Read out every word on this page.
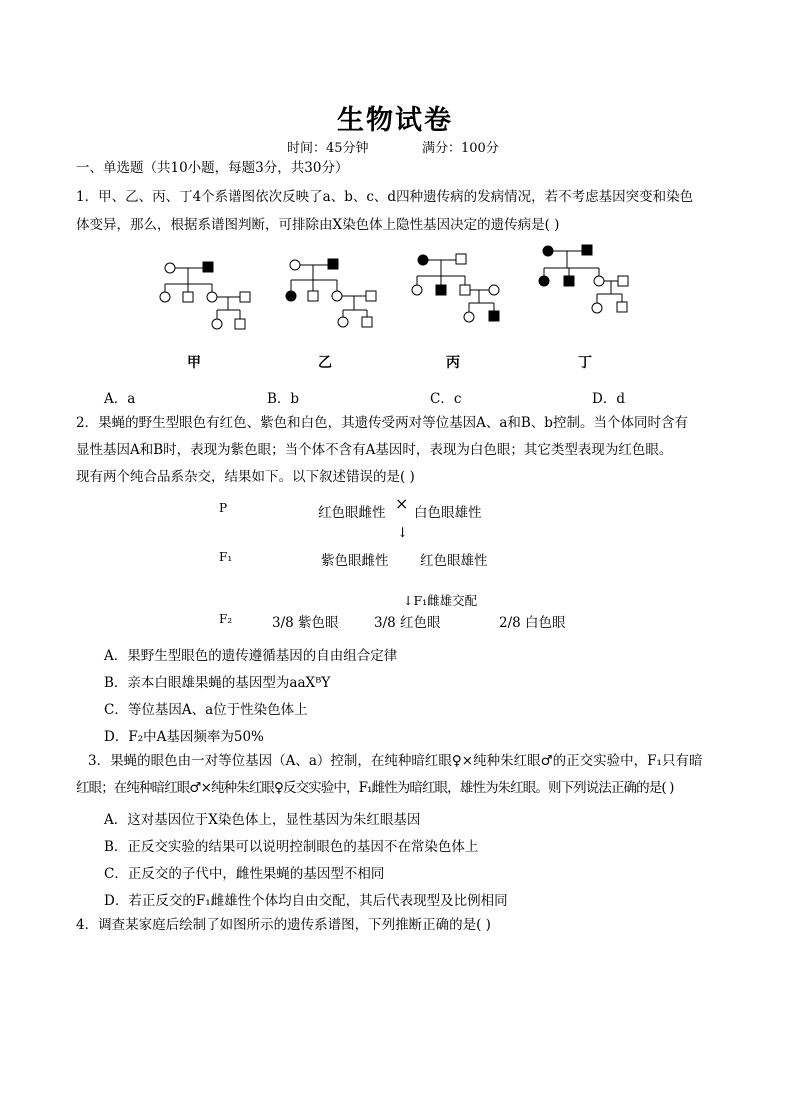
生物试卷
时间：45分钟	满分：100分
一、单选题（共10小题，每题3分，共30分）
1．甲、乙、丙、丁4个系谱图依次反映了a、b、c、d四种遗传病的发病情况，若不考虑基因突变和染色
体变异，那么，根据系谱图判断，可排除由X染色体上隐性基因决定的遗传病是( )
甲	乙	丙	丁
A．a	B．b	C．c	D．d
2．果蝇的野生型眼色有红色、紫色和白色，其遗传受两对等位基因A、a和B、b控制。当个体同时含有
显性基因A和B时，表现为紫色眼；当个体不含有A基因时，表现为白色眼；其它类型表现为红色眼。
现有两个纯合品系杂交，结果如下。以下叙述错误的是( )
P	红色眼雌性 × 白色眼雄性
↓
F₁	紫色眼雌性 红色眼雄性
↓F₁雌雄交配
F₂	3/8 紫色眼	3/8 红色眼	2/8 白色眼
A．果野生型眼色的遗传遵循基因的自由组合定律
B．亲本白眼雄果蝇的基因型为aaXᴮY
C．等位基因A、a位于性染色体上
D．F₂中A基因频率为50%
3．果蝇的眼色由一对等位基因（A、a）控制，在纯种暗红眼♀×纯种朱红眼♂的正交实验中，F₁只有暗
红眼；在纯种暗红眼♂×纯种朱红眼♀反交实验中，F₁雌性为暗红眼，雄性为朱红眼。则下列说法正确的是( )
A．这对基因位于X染色体上，显性基因为朱红眼基因
B．正反交实验的结果可以说明控制眼色的基因不在常染色体上
C．正反交的子代中，雌性果蝇的基因型不相同
D．若正反交的F₁雌雄性个体均自由交配，其后代表现型及比例相同
4．调查某家庭后绘制了如图所示的遗传系谱图，下列推断正确的是( )
